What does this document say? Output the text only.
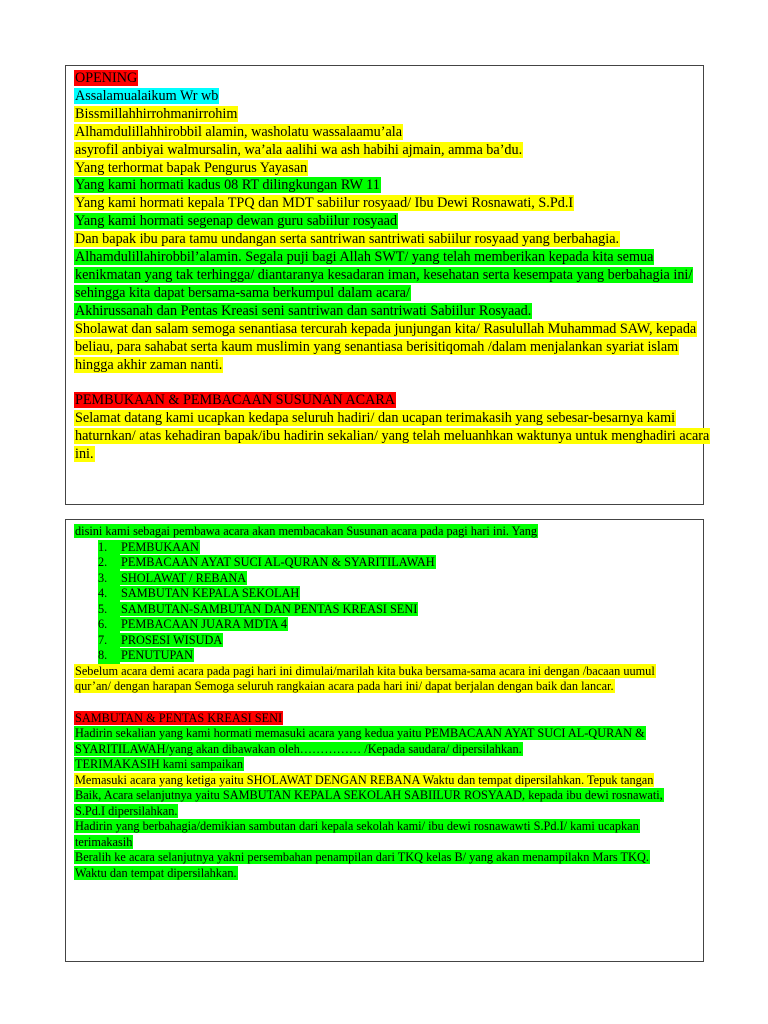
OPENING
Assalamualaikum Wr wb
Bissmillahhirrohmanirrohim
Alhamdulillahhirobbil alamin, washolatu wassalaamu’ala
asyrofil anbiyai walmursalin, wa’ala aalihi wa ash habihi ajmain, amma ba’du.
Yang terhormat bapak Pengurus Yayasan
Yang kami hormati kadus 08 RT dilingkungan RW 11
Yang kami hormati kepala TPQ dan MDT sabiilur rosyaad/ Ibu Dewi Rosnawati, S.Pd.I
Yang kami hormati segenap dewan guru sabiilur rosyaad
Dan bapak ibu para tamu undangan serta santriwan santriwati sabiilur rosyaad yang berbahagia.
Alhamdulillahirobbil’alamin. Segala puji bagi Allah SWT/ yang telah memberikan kepada kita semua
kenikmatan yang tak terhingga/ diantaranya kesadaran iman, kesehatan serta kesempata yang berbahagia ini/
sehingga kita dapat bersama-sama berkumpul dalam acara/
Akhirussanah dan Pentas Kreasi seni santriwan dan santriwati Sabiilur Rosyaad.
Sholawat dan salam semoga senantiasa tercurah kepada junjungan kita/ Rasulullah Muhammad SAW, kepada
beliau, para sahabat serta kaum muslimin yang senantiasa berisitiqomah /dalam menjalankan syariat islam
hingga akhir zaman nanti.
PEMBUKAAN & PEMBACAAN SUSUNAN ACARA
Selamat datang kami ucapkan kedapa seluruh hadiri/ dan ucapan terimakasih yang sebesar-besarnya kami
haturnkan/ atas kehadiran bapak/ibu hadirin sekalian/ yang telah meluanhkan waktunya untuk menghadiri acara
ini.
disini kami sebagai pembawa acara akan membacakan Susunan acara pada pagi hari ini. Yang
1. PEMBUKAAN
2. PEMBACAAN AYAT SUCI AL-QURAN & SYARITILAWAH
3. SHOLAWAT / REBANA
4. SAMBUTAN KEPALA SEKOLAH
5. SAMBUTAN-SAMBUTAN DAN PENTAS KREASI SENI
6. PEMBACAAN JUARA MDTA 4
7. PROSESI WISUDA
8. PENUTUPAN
Sebelum acara demi acara pada pagi hari ini dimulai/marilah kita buka bersama-sama acara ini dengan /bacaan uumul
qur’an/ dengan harapan Semoga seluruh rangkaian acara pada hari ini/ dapat berjalan dengan baik dan lancar.
SAMBUTAN & PENTAS KREASI SENI
Hadirin sekalian yang kami hormati memasuki acara yang kedua yaitu PEMBACAAN AYAT SUCI AL-QURAN &
SYARITILAWAH/yang akan dibawakan oleh…………… /Kepada saudara/ dipersilahkan.
TERIMAKASIH kami sampaikan
Memasuki acara yang ketiga yaitu SHOLAWAT DENGAN REBANA Waktu dan tempat dipersilahkan. Tepuk tangan
Baik, Acara selanjutnya yaitu SAMBUTAN KEPALA SEKOLAH SABIILUR ROSYAAD, kepada ibu dewi rosnawati,
S.Pd.I dipersilahkan.
Hadirin yang berbahagia/demikian sambutan dari kepala sekolah kami/ ibu dewi rosnawawti S.Pd.I/ kami ucapkan
terimakasih
Beralih ke acara selanjutnya yakni persembahan penampilan dari TKQ kelas B/ yang akan menampilakn Mars TKQ.
Waktu dan tempat dipersilahkan.
